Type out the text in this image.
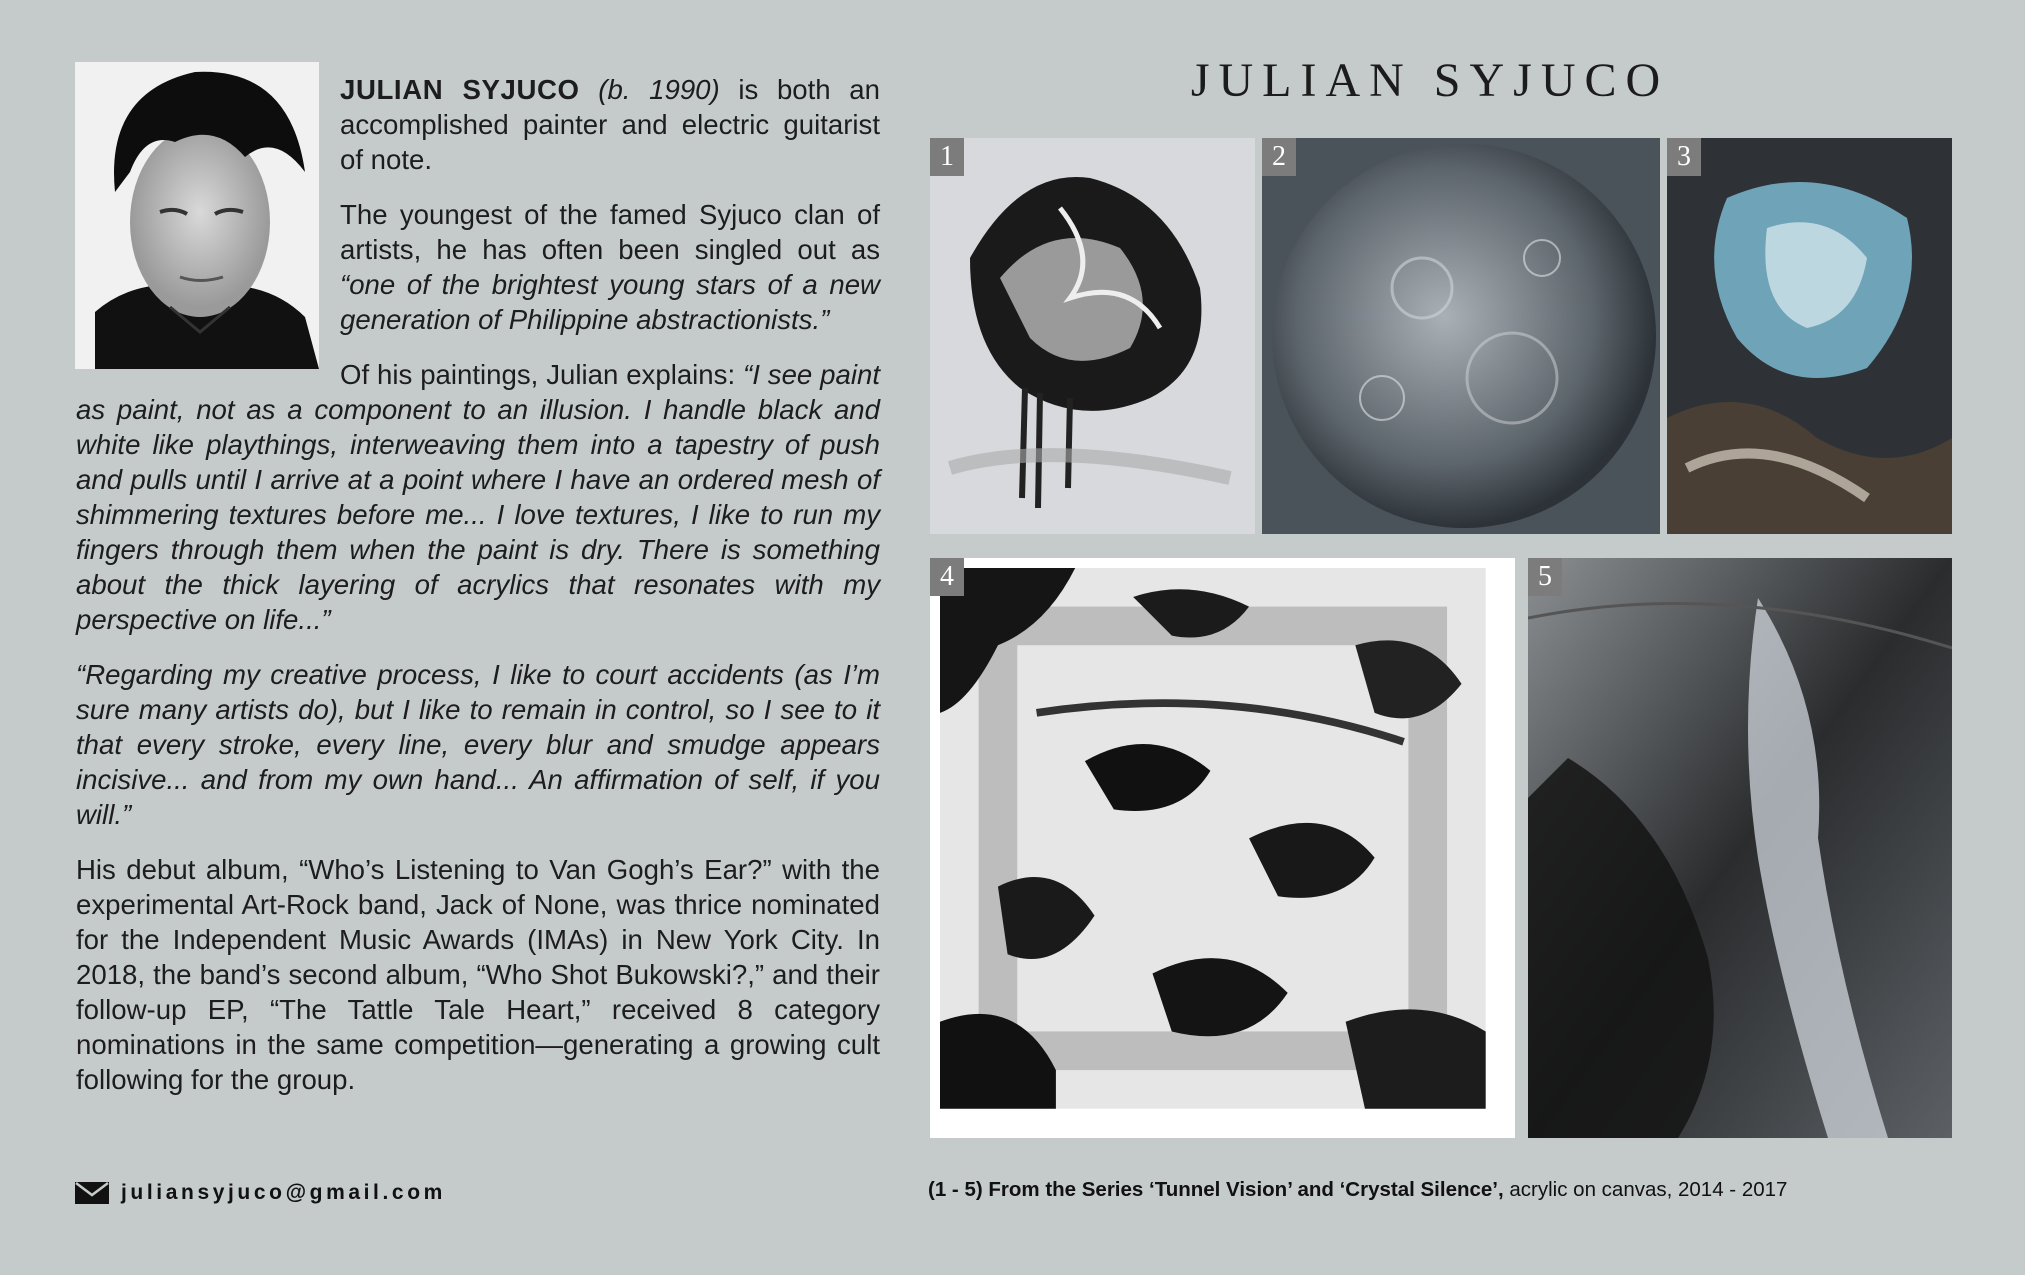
JULIAN SYJUCO (b. 1990) is both an accomplished painter and electric guitarist of note.

The youngest of the famed Syjuco clan of artists, he has often been singled out as “one of the brightest young stars of a new generation of Philippine abstractionists.”

Of his paintings, Julian explains: “I see paint as paint, not as a component to an illusion. I handle black and white like playthings, interweaving them into a tapestry of push and pulls until I arrive at a point where I have an ordered mesh of shimmering textures before me... I love textures, I like to run my fingers through them when the paint is dry. There is something about the thick layering of acrylics that resonates with my perspective on life...”

“Regarding my creative process, I like to court accidents (as I’m sure many artists do), but I like to remain in control, so I see to it that every stroke, every line, every blur and smudge appears incisive... and from my own hand... An affirmation of self, if you will.”

His debut album, “Who’s Listening to Van Gogh’s Ear?” with the experimental Art-Rock band, Jack of None, was thrice nominated for the Independent Music Awards (IMAs) in New York City. In 2018, the band’s second album, “Who Shot Bukowski?,” and their follow-up EP, “The Tattle Tale Heart,” received 8 category nominations in the same competition—generating a growing cult following for the group.

JULIAN SYJUCO
1	2	3
4	5
juliansyjuco@gmail.com	(1 - 5) From the Series ‘Tunnel Vision’ and ‘Crystal Silence’, acrylic on canvas, 2014 - 2017
